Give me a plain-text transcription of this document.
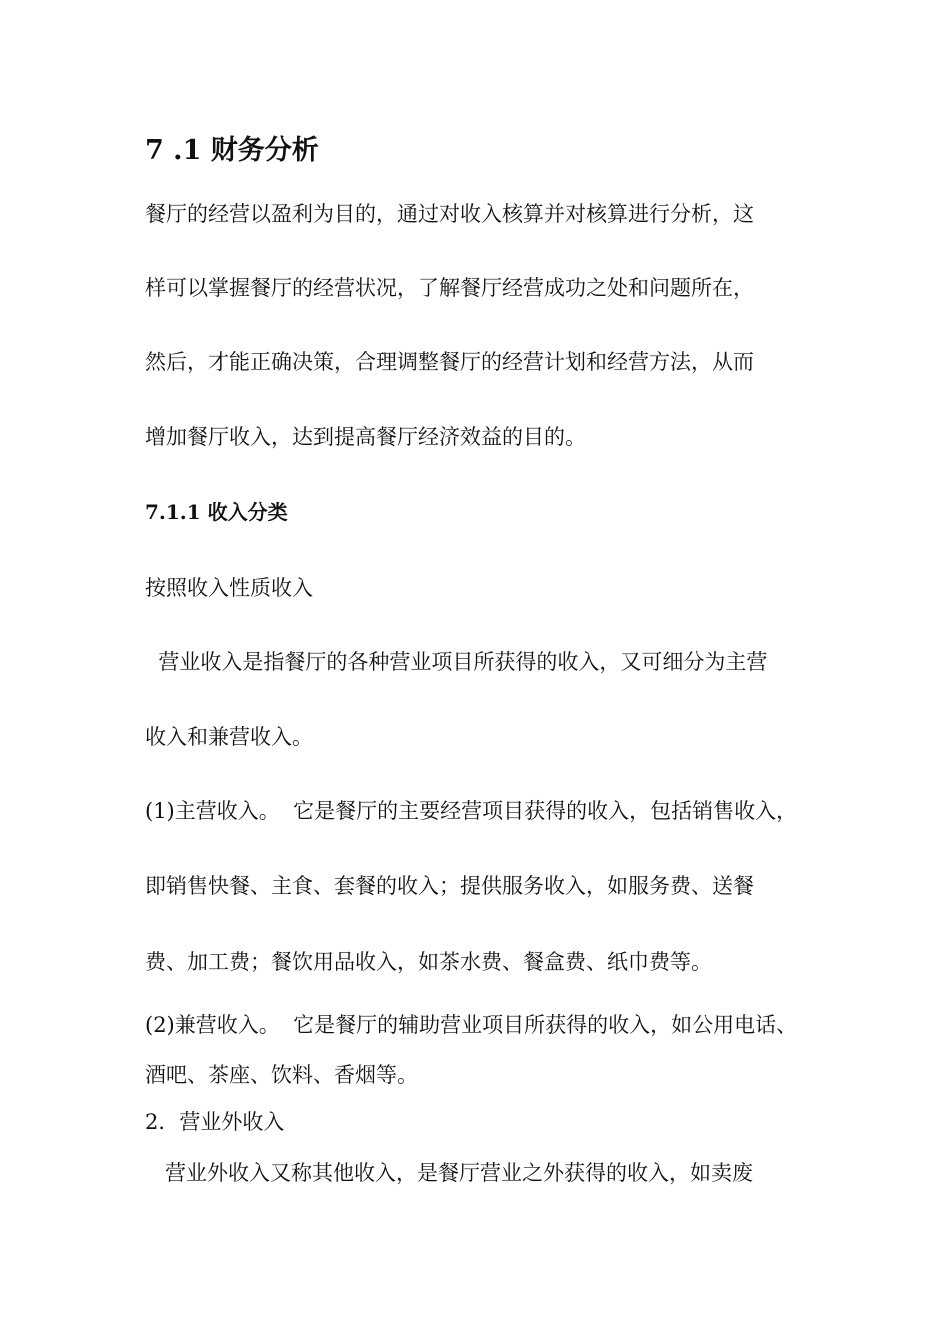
7 .1 财务分析
餐厅的经营以盈利为目的，通过对收入核算并对核算进行分析，这
样可以掌握餐厅的经营状况，了解餐厅经营成功之处和问题所在，
然后，才能正确决策，合理调整餐厅的经营计划和经营方法，从而
增加餐厅收入，达到提高餐厅经济效益的目的。
7.1.1 收入分类
按照收入性质收入
营业收入是指餐厅的各种营业项目所获得的收入，又可细分为主营
收入和兼营收入。
(1)主营收入。  它是餐厅的主要经营项目获得的收入，包括销售收入，
即销售快餐、主食、套餐的收入；提供服务收入，如服务费、送餐
费、加工费；餐饮用品收入，如茶水费、餐盒费、纸巾费等。
(2)兼营收入。  它是餐厅的辅助营业项目所获得的收入，如公用电话、
酒吧、茶座、饮料、香烟等。
2．营业外收入
营业外收入又称其他收入，是餐厅营业之外获得的收入，如卖废
